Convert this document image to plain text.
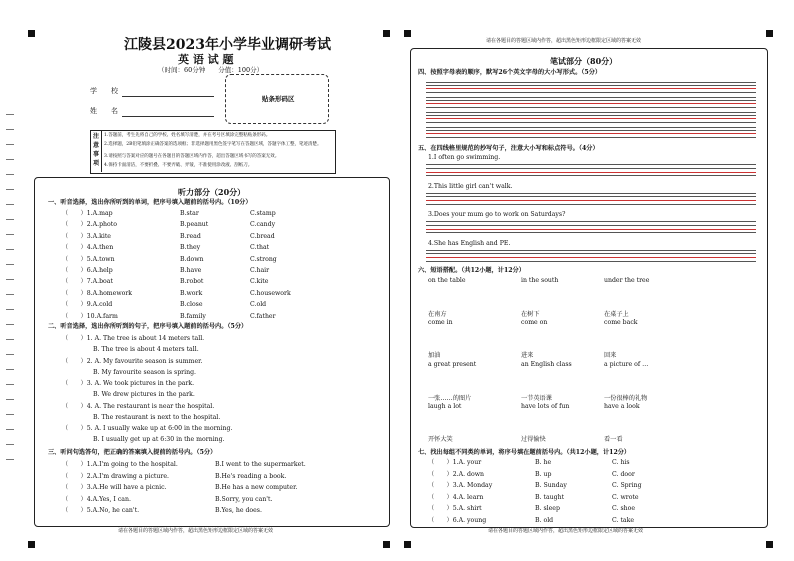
江陵县2023年小学毕业调研考试
英 语 试 题
（时间：60分钟　　分值：100分）
学　　校
姓　　名
贴条形码区
注
意
事
项
1.答题前，考生先将自己的学校、姓名填写清楚，并在考号区填涂完整粘贴条形码。
2.选择题，2B铅笔填涂正确答案的选项框；非选择题用黑色签字笔写在答题区域，答题字体工整，笔迹清楚。
3.请按照与答案对应的题号在各题目的答题区域内作答，超出答题区域书写的答案无效。
4.保持卡面清洁，不要折叠、不要弄破、弄皱，不准使用涂改液、刮纸刀。
听力部分（20分）
一、听音选择，选出你所听到的单词，把序号填入题前的括号内。（10分）
（　　）1.A.map	B.star	C.stamp
（　　）2.A.photo	B.peanut	C.candy
（　　）3.A.kite	B.read	C.bread
（　　）4.A.then	B.they	C.that
（　　）5.A.town	B.down	C.strong
（　　）6.A.help	B.have	C.hair
（　　）7.A.boat	B.robot	C.kite
（　　）8.A.homework	B.work	C.housework
（　　）9.A.cold	B.close	C.old
（　　）10.A.farm	B.family	C.father
二、听音选择，选出你所听到的句子，把序号填入题前的括号内。（5分）
（　　）1. A. The tree is about 14 meters tall.
B. The tree is about 4 meters tall.
（　　）2. A. My favourite season is summer.
B. My favourite season is spring.
（　　）3. A. We took pictures in the park.
B. We drew pictures in the park.
（　　）4. A. The restaurant is near the hospital.
B. The restaurant is next to the hospital.
（　　）5. A. I usually wake up at 6:00 in the morning.
B. I usually get up at 6:30 in the morning.
三、听问句选答句，把正确的答案填入提前的括号内。（5分）
（　　）1.A.I'm going to the hospital.	B.I went to the supermarket.
（　　）2.A.I'm drawing a picture.	B.He's reading a book.
（　　）3.A.He will have a picnic.	B.He has a new computer.
（　　）4.A.Yes, I can.	B.Sorry, you can't.
（　　）5.A.No, he can't.	B.Yes, he does.
请在各题目的答题区域内作答，超出黑色矩形边框限定区域的答案无效
请在各题目的答题区域内作答，超出黑色矩形边框限定区域的答案无效
笔试部分（80分）
四、按照字母表的顺序，默写26个英文字母的大小写形式。（5分）
五、在四线格里规范的抄写句子，注意大小写和标点符号。（4分）
1.I often go swimming.
2.This little girl can't walk.
3.Does your mum go to work on Saturdays?
4.She has English and PE.
六、短语搭配。（共12小题，计12分）
on the table	in the south	under the tree
在南方	在树下	在桌子上
come in	come on	come back
加油	进来	回来
a great present	an English class	a picture of …
一张……的图片	一节英语课	一份很棒的礼物
laugh a lot	have lots of fun	have a look
开怀大笑	过得愉快	看一看
七、找出每组不同类的单词，将序号填在题前括号内。（共12小题，计12分）
（　　）1.A. your	B. he	C. his
（　　）2.A. down	B. up	C. door
（　　）3.A. Monday	B. Sunday	C. Spring
（　　）4.A. learn	B. taught	C. wrote
（　　）5.A. shirt	B. sleep	C. shoe
（　　）6.A. young	B. old	C. take
请在各题目的答题区域内作答，超出黑色矩形边框限定区域的答案无效
